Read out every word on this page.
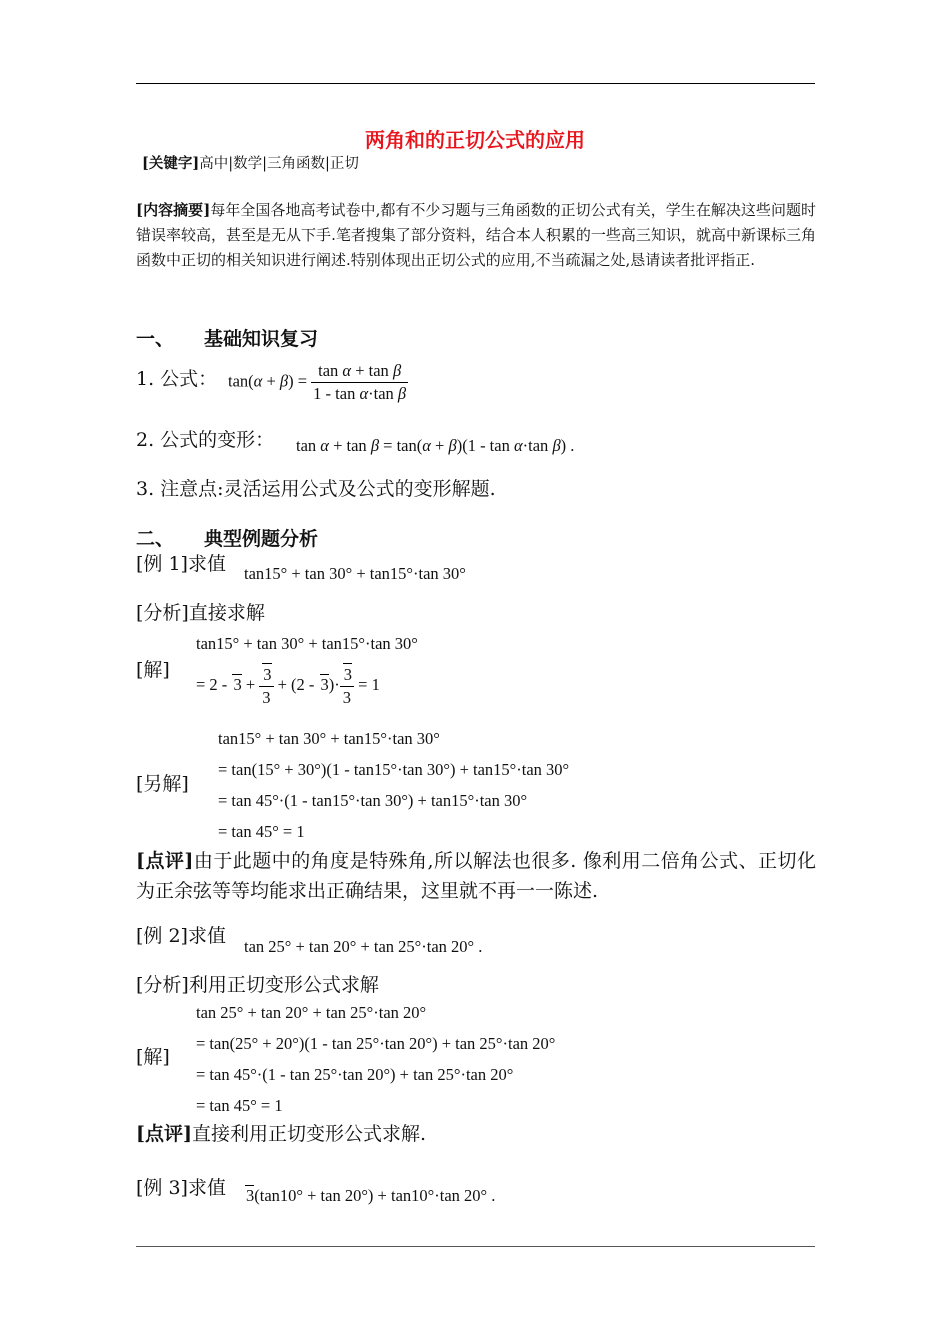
两角和的正切公式的应用
[关键字]高中|数学|三角函数|正切
[内容摘要]每年全国各地高考试卷中,都有不少习题与三角函数的正切公式有关，学生在解决这些问题时错误率较高，甚至是无从下手.笔者搜集了部分资料，结合本人积累的一些高三知识，就高中新课标三角函数中正切的相关知识进行阐述.特别体现出正切公式的应用,不当疏漏之处,恳请读者批评指正.
一、 基础知识复习
1. 公式： $\tan(\alpha + \beta) = \frac{\text{tan α + tan β}}{\text{1 - tan α·tan β}}$
2. 公式的变形： tan α + tan β = tan(α + β)(1 - tan α·tan β) .
3. 注意点:灵活运用公式及公式的变形解题.
二、 典型例题分析
[例 1]求值 tan15° + tan 30° + tan15°·tan 30°
[分析]直接求解
tan15° + tan 30° + tan15°·tan 30°
[解]
= $2 - 3 + \frac{3}{3} + (2 - 3)\cdot \frac{3}{3} = 1$
tan15° + tan 30° + tan15°·tan 30°
= tan(15° + 30°)(1 - tan15°·tan 30°) + tan15°·tan 30°
[另解]
= tan 45°·(1 - tan15°·tan 30°) + tan15°·tan 30°
= tan 45° = 1
[点评]由于此题中的角度是特殊角,所以解法也很多. 像利用二倍角公式、正切化为正余弦等等均能求出正确结果，这里就不再一一陈述.
[例 2]求值 tan 25° + tan 20° + tan 25°·tan 20° .
[分析]利用正切变形公式求解
tan 25° + tan 20° + tan 25°·tan 20°
= tan(25° + 20°)(1 - tan 25°·tan 20°) + tan 25°·tan 20°
[解]
= tan 45°·(1 - tan 25°·tan 20°) + tan 25°·tan 20°
= tan 45° = 1
[点评]直接利用正切变形公式求解.
[例 3]求值 3(tan10° + tan 20°) + tan10°·tan 20° .
